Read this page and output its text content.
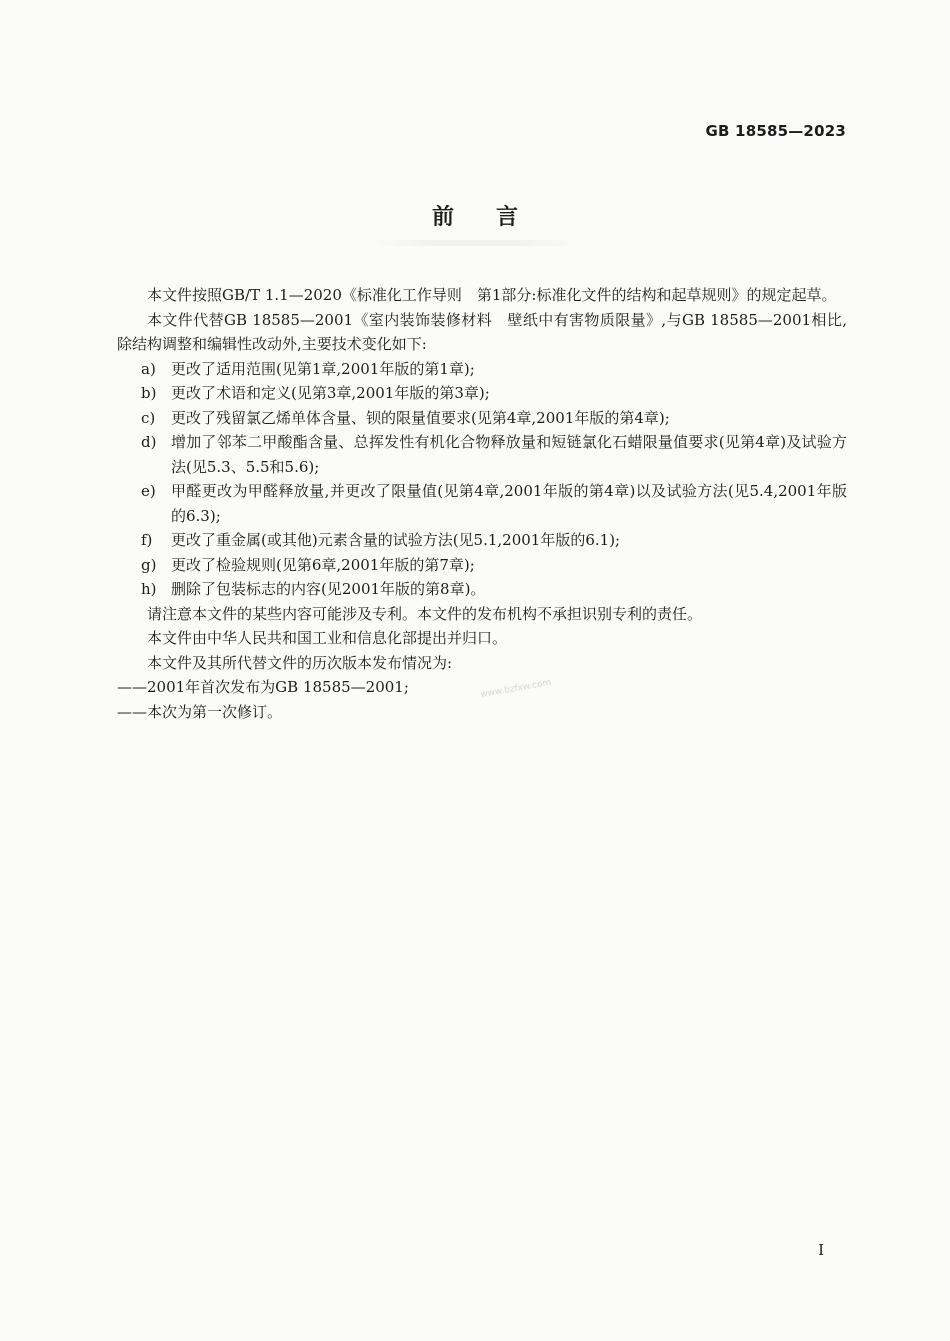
GB 18585—2023
前言

本文件按照GB/T 1.1—2020《标准化工作导则　第1部分:标准化文件的结构和起草规则》的规定起草。

本文件代替GB 18585—2001《室内装饰装修材料　壁纸中有害物质限量》,与GB 18585—2001相比,除结构调整和编辑性改动外,主要技术变化如下:

a)	更改了适用范围(见第1章,2001年版的第1章);
b) 更改了术语和定义(见第3章,2001年版的第3章);
c)	更改了残留氯乙烯单体含量、钡的限量值要求(见第4章,2001年版的第4章);
d) 增加了邻苯二甲酸酯含量、总挥发性有机化合物释放量和短链氯化石蜡限量值要求(见第4章)及试验方法(见5.3、5.5和5.6);
e)	甲醛更改为甲醛释放量,并更改了限量值(见第4章,2001年版的第4章)以及试验方法(见5.4,2001年版的6.3);
f)	更改了重金属(或其他)元素含量的试验方法(见5.1,2001年版的6.1);
g) 更改了检验规则(见第6章,2001年版的第7章);
h) 删除了包装标志的内容(见2001年版的第8章)。

请注意本文件的某些内容可能涉及专利。本文件的发布机构不承担识别专利的责任。

本文件由中华人民共和国工业和信息化部提出并归口。

本文件及其所代替文件的历次版本发布情况为:

——2001年首次发布为GB 18585—2001;

——本次为第一次修订。

www.bzfxw.com
I
